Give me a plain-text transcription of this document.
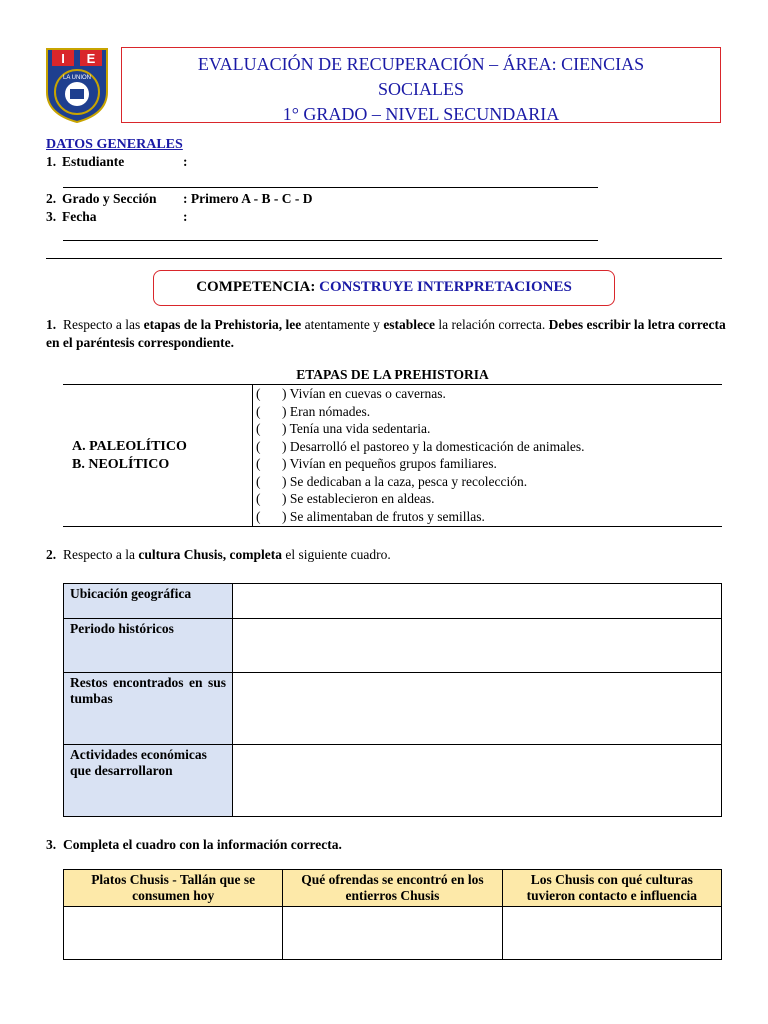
I E
LA UNION
EVALUACIÓN DE RECUPERACIÓN – ÁREA: CIENCIAS
SOCIALES
1° GRADO – NIVEL SECUNDARIA
DATOS GENERALES
1. Estudiante	:
2. Grado y Sección : Primero A - B - C - D
3. Fecha	:
COMPETENCIA: CONSTRUYE INTERPRETACIONES
1. Respecto a las etapas de la Prehistoria, lee atentamente y establece la relación correcta. Debes escribir la letra correcta en el paréntesis correspondiente.
ETAPAS DE LA PREHISTORIA
A. PALEOLÍTICO
B. NEOLÍTICO
( ) Vivían en cuevas o cavernas.
( ) Eran nómades.
( ) Tenía una vida sedentaria.
( ) Desarrolló el pastoreo y la domesticación de animales.
( ) Vivían en pequeños grupos familiares.
( ) Se dedicaban a la caza, pesca y recolección.
( ) Se establecieron en aldeas.
( ) Se alimentaban de frutos y semillas.
2. Respecto a la cultura Chusis, completa el siguiente cuadro.
Ubicación geográfica	
Periodo históricos	
Restos encontrados en sus tumbas	
Actividades económicas que desarrollaron	
3. Completa el cuadro con la información correcta.
Platos Chusis - Tallán que se consumen hoy	Qué ofrendas se encontró en los entierros Chusis	Los Chusis con qué culturas tuvieron contacto e influencia
